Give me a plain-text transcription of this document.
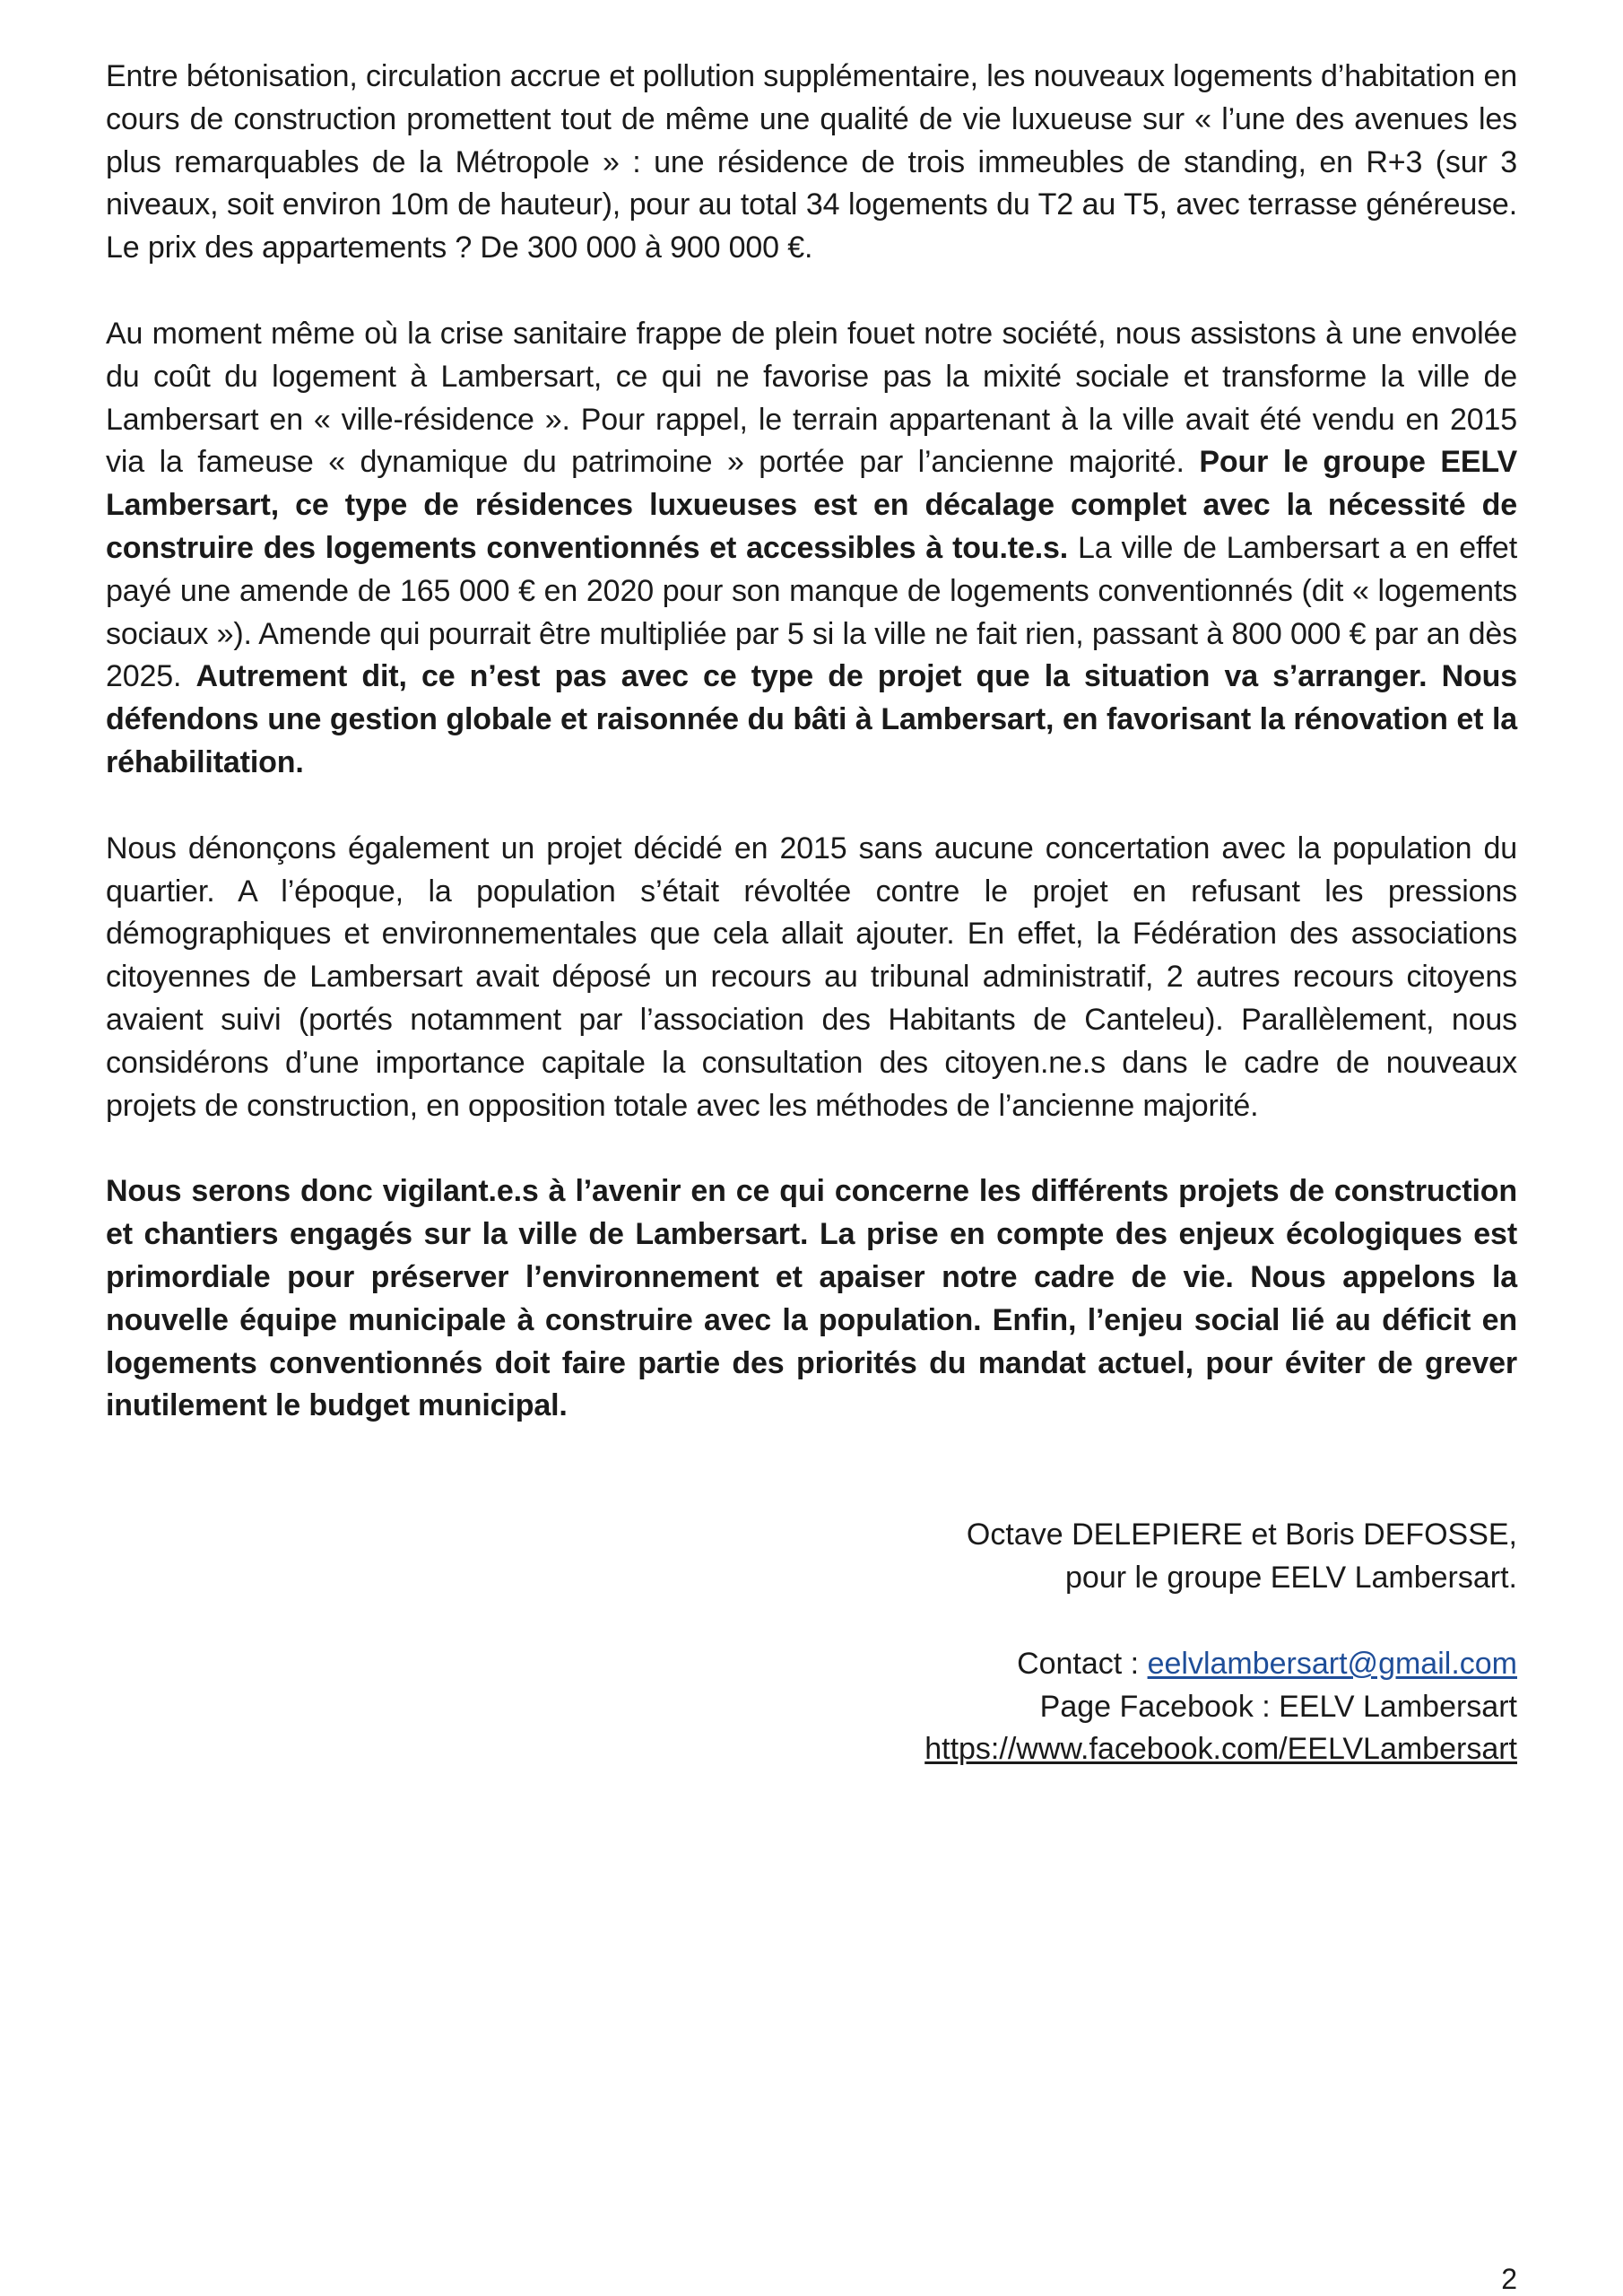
Entre bétonisation, circulation accrue et pollution supplémentaire, les nouveaux logements d’habitation en cours de construction promettent tout de même une qualité de vie luxueuse sur « l’une des avenues les plus remarquables de la Métropole » : une résidence de trois immeubles de standing, en R+3 (sur 3 niveaux, soit environ 10m de hauteur), pour au total 34 logements du T2 au T5, avec terrasse généreuse. Le prix des appartements ? De 300 000 à 900 000 €.

Au moment même où la crise sanitaire frappe de plein fouet notre société, nous assistons à une envolée du coût du logement à Lambersart, ce qui ne favorise pas la mixité sociale et transforme la ville de Lambersart en « ville-résidence ». Pour rappel, le terrain appartenant à la ville avait été vendu en 2015 via la fameuse « dynamique du patrimoine » portée par l’ancienne majorité. Pour le groupe EELV Lambersart, ce type de résidences luxueuses est en décalage complet avec la nécessité de construire des logements conventionnés et accessibles à tou.te.s. La ville de Lambersart a en effet payé une amende de 165 000 € en 2020 pour son manque de logements conventionnés (dit « logements sociaux »). Amende qui pourrait être multipliée par 5 si la ville ne fait rien, passant à 800 000 € par an dès 2025. Autrement dit, ce n’est pas avec ce type de projet que la situation va s’arranger. Nous défendons une gestion globale et raisonnée du bâti à Lambersart, en favorisant la rénovation et la réhabilitation.

Nous dénonçons également un projet décidé en 2015 sans aucune concertation avec la population du quartier. A l’époque, la population s’était révoltée contre le projet en refusant les pressions démographiques et environnementales que cela allait ajouter. En effet, la Fédération des associations citoyennes de Lambersart avait déposé un recours au tribunal administratif, 2 autres recours citoyens avaient suivi (portés notamment par l’association des Habitants de Canteleu). Parallèlement, nous considérons d’une importance capitale la consultation des citoyen.ne.s dans le cadre de nouveaux projets de construction, en opposition totale avec les méthodes de l’ancienne majorité.

Nous serons donc vigilant.e.s à l’avenir en ce qui concerne les différents projets de construction et chantiers engagés sur la ville de Lambersart. La prise en compte des enjeux écologiques est primordiale pour préserver l’environnement et apaiser notre cadre de vie. Nous appelons la nouvelle équipe municipale à construire avec la population. Enfin, l’enjeu social lié au déficit en logements conventionnés doit faire partie des priorités du mandat actuel, pour éviter de grever inutilement le budget municipal.

Octave DELEPIERE et Boris DEFOSSE,
pour le groupe EELV Lambersart.
Contact : eelvlambersart@gmail.com
Page Facebook : EELV Lambersart
https://www.facebook.com/EELVLambersart
2
